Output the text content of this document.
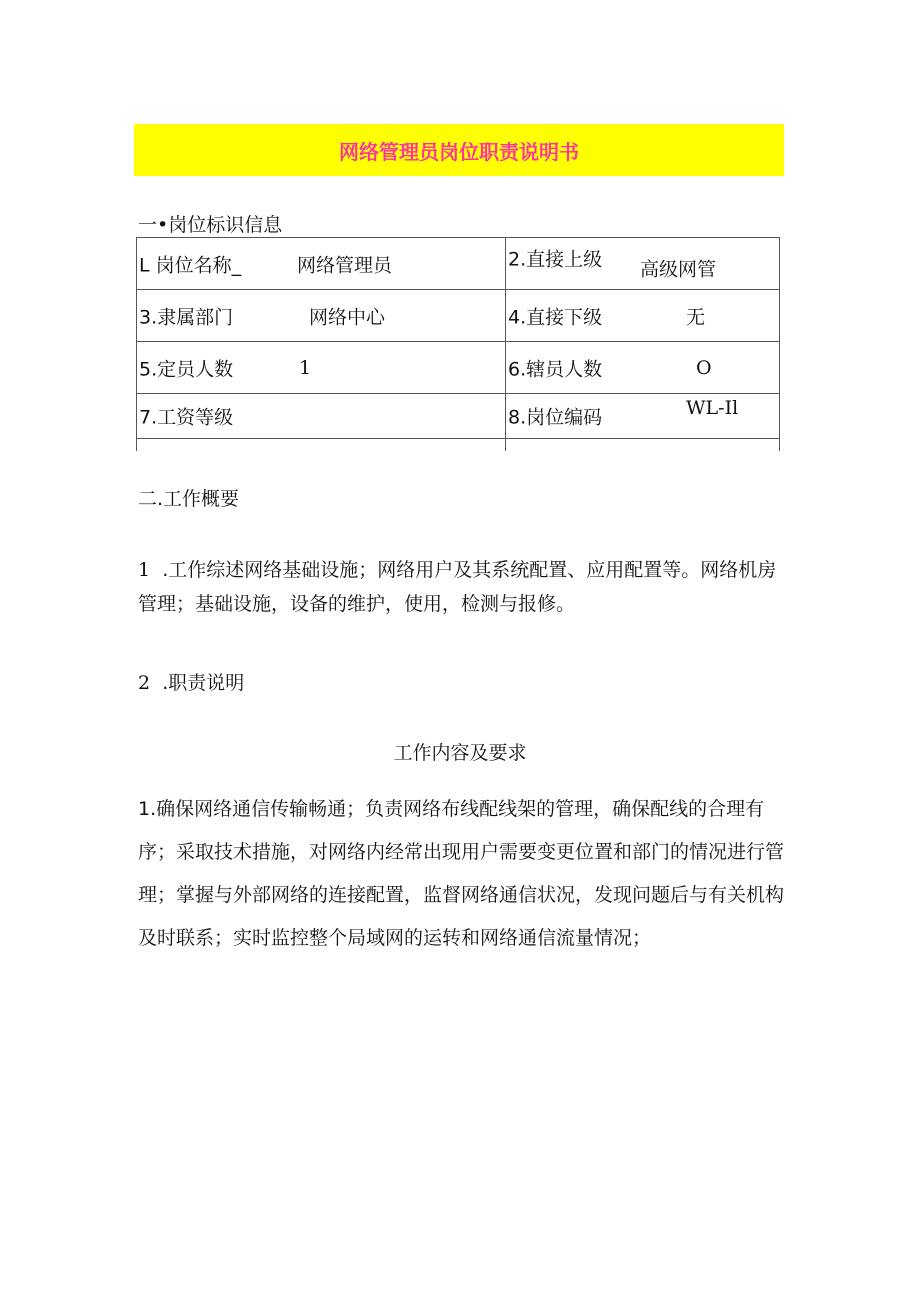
网络管理员岗位职责说明书
一•岗位标识信息
L 岗位名称_ 网络管理员	2.直接上级 高级网管

3.隶属部门 网络中心	4.直接下级 无

5.定员人数 1	6.辖员人数 O

7.工资等级	8.岗位编码 WL-Il

二.工作概要
1 .工作综述网络基础设施；网络用户及其系统配置、应用配置等。网络机房管理；基础设施，设备的维护，使用，检测与报修。
2 .职责说明
工作内容及要求
1.确保网络通信传输畅通；负责网络布线配线架的管理，确保配线的合理有序；采取技术措施，对网络内经常出现用户需要变更位置和部门的情况进行管理；掌握与外部网络的连接配置，监督网络通信状况，发现问题后与有关机构及时联系；实时监控整个局域网的运转和网络通信流量情况；
